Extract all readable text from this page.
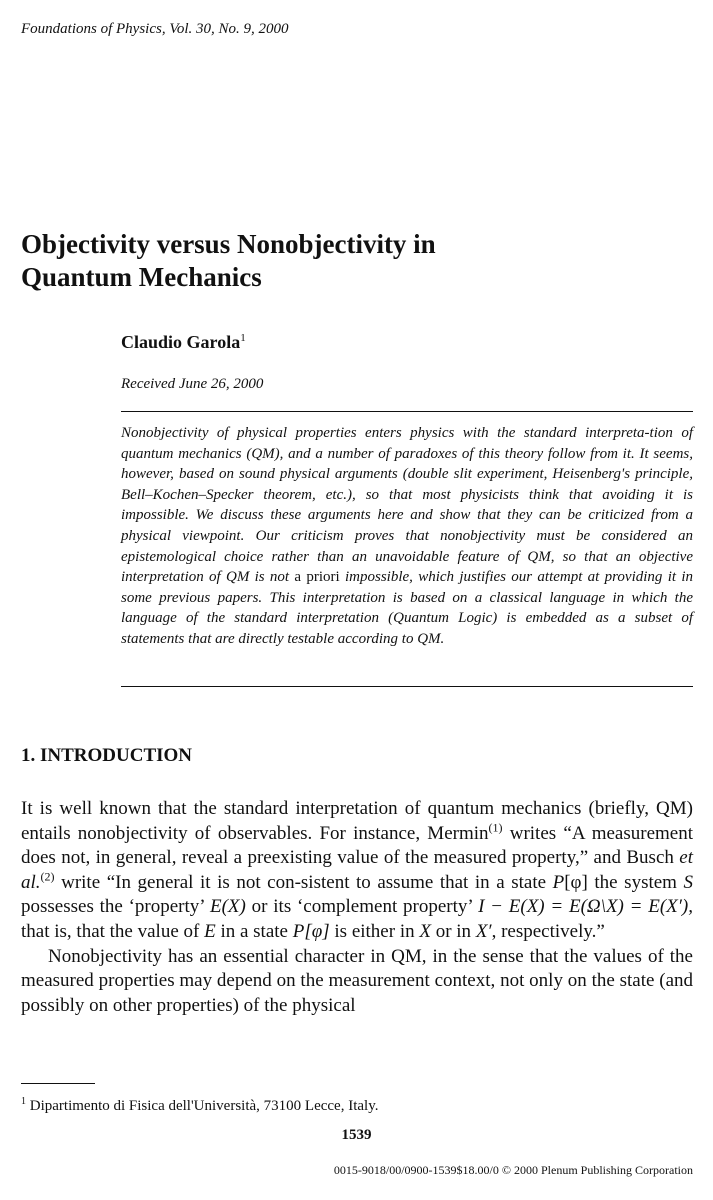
Foundations of Physics, Vol. 30, No. 9, 2000
Objectivity versus Nonobjectivity in
Quantum Mechanics
Claudio Garola$^1$
Received June 26, 2000
Nonobjectivity of physical properties enters physics with the standard interpreta-tion of quantum mechanics (QM), and a number of paradoxes of this theory follow from it. It seems, however, based on sound physical arguments (double slit experiment, Heisenberg's principle, Bell–Kochen–Specker theorem, etc.), so that most physicists think that avoiding it is impossible. We discuss these arguments here and show that they can be criticized from a physical viewpoint. Our criticism proves that nonobjectivity must be considered an epistemological choice rather than an unavoidable feature of QM, so that an objective interpretation of QM is not a priori impossible, which justifies our attempt at providing it in some previous papers. This interpretation is based on a classical language in which the language of the standard interpretation (Quantum Logic) is embedded as a subset of statements that are directly testable according to QM.
1. INTRODUCTION

It is well known that the standard interpretation of quantum mechanics (briefly, QM) entails nonobjectivity of observables. For instance, Mermin$^{(1)}$ writes “A measurement does not, in general, reveal a preexisting value of the measured property,” and Busch et al.$^{(2)}$ write “In general it is not con-sistent to assume that in a state P[φ] the system S possesses the ‘property’ E(X) or its ‘complement property’ I − E(X) = E(Ω\X) = E(X′), that is, that the value of E in a state P[φ] is either in X or in X′, respectively.”

Nonobjectivity has an essential character in QM, in the sense that the values of the measured properties may depend on the measurement context, not only on the state (and possibly on other properties) of the physical

$^1$ Dipartimento di Fisica dell'Università, 73100 Lecce, Italy.
1539
0015-9018/00/0900-1539$18.00/0 © 2000 Plenum Publishing Corporation
